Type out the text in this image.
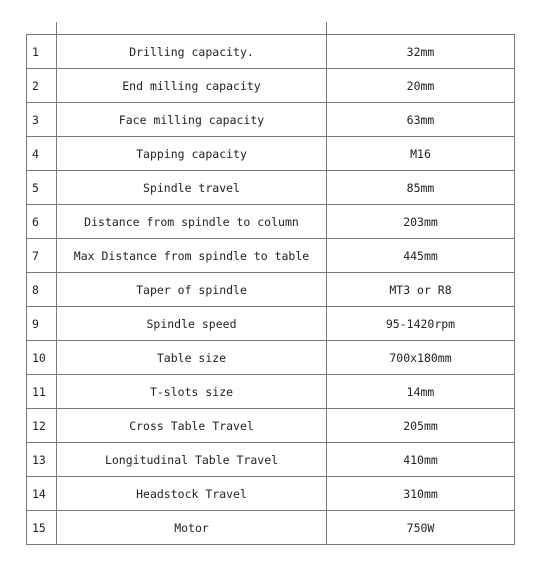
1	Drilling capacity.	32mm
2	End milling capacity	20mm
3	Face milling capacity	63mm
4	Tapping capacity	M16
5	Spindle travel	85mm
6	Distance from spindle to column	203mm
7	Max Distance from spindle to table	445mm
8	Taper of spindle	MT3 or R8
9	Spindle speed	95-1420rpm
10	Table size	700x180mm
11	T-slots size	14mm
12	Cross Table Travel	205mm
13	Longitudinal Table Travel	410mm
14	Headstock Travel	310mm
15	Motor	750W
